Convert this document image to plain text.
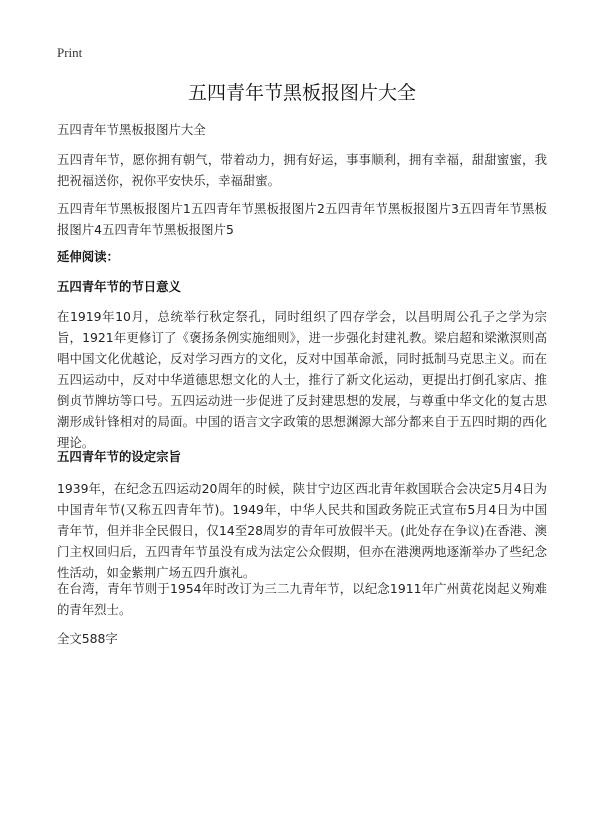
Print
五四青年节黑板报图片大全

五四青年节黑板报图片大全

五四青年节，愿你拥有朝气，带着动力，拥有好运，事事顺利，拥有幸福，甜甜蜜蜜，我把祝福送你，祝你平安快乐，幸福甜蜜。

五四青年节黑板报图片1五四青年节黑板报图片2五四青年节黑板报图片3五四青年节黑板报图片4五四青年节黑板报图片5

延伸阅读：

五四青年节的节日意义

在1919年10月，总统举行秋定祭孔，同时组织了四存学会，以昌明周公孔子之学为宗旨，1921年更修订了《褒扬条例实施细则》，进一步强化封建礼教。梁启超和梁漱溟则高唱中国文化优越论，反对学习西方的文化，反对中国革命派，同时抵制马克思主义。而在五四运动中，反对中华道德思想文化的人士，推行了新文化运动，更提出打倒孔家店、推倒贞节牌坊等口号。五四运动进一步促进了反封建思想的发展，与尊重中华文化的复古思潮形成针锋相对的局面。中国的语言文字政策的思想渊源大部分都来自于五四时期的西化理论。

五四青年节的设定宗旨

1939年，在纪念五四运动20周年的时候，陕甘宁边区西北青年救国联合会决定5月4日为中国青年节(又称五四青年节)。1949年，中华人民共和国政务院正式宣布5月4日为中国青年节，但并非全民假日，仅14至28周岁的青年可放假半天。(此处存在争议)在香港、澳门主权回归后，五四青年节虽没有成为法定公众假期，但亦在港澳两地逐渐举办了些纪念性活动，如金紫荆广场五四升旗礼。

在台湾，青年节则于1954年时改订为三二九青年节，以纪念1911年广州黄花岗起义殉难的青年烈士。

全文588字
